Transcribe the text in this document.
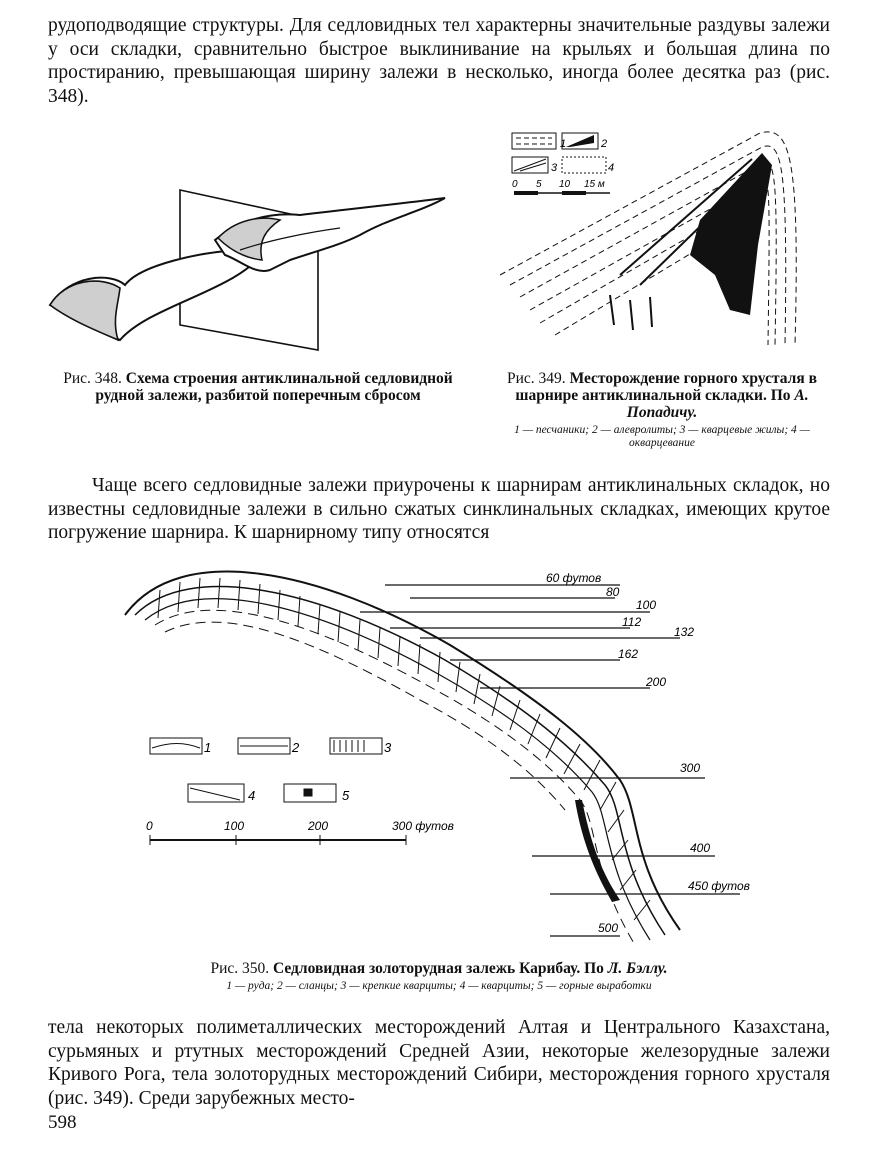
рудоподводящие структуры. Для седловидных тел характерны значительные раздувы залежи у оси складки, сравнительно быстрое выклинивание на крыльях и большая длина по простиранию, превышающая ширину залежи в несколько, иногда более десятка раз (рис. 348).

Рис. 348. Схема строения антиклинальной седловидной рудной залежи, разбитой поперечным сбросом

1	2
3	4
0 5 10 15 м

Рис. 349. Месторождение горного хрусталя в шарнире антиклинальной складки. По А. Попадичу.

1 — песчаники; 2 — алевролиты; 3 — кварцевые жилы; 4 — окварцевание

Чаще всего седловидные залежи приурочены к шарнирам антиклинальных складок, но известны седловидные залежи в сильно сжатых синклинальных складках, имеющих крутое погружение шарнира. К шарнирному типу относятся

60 футов
80
100
112
132
162
200
300
400
450 футов
500
1	2	3
4	5
0	100	200	300 футов

Рис. 350. Седловидная золоторудная залежь Карибау. По Л. Бэллу.

1 — руда; 2 — сланцы; 3 — крепкие кварциты; 4 — кварциты; 5 — горные выработки

тела некоторых полиметаллических месторождений Алтая и Центрального Казахстана, сурьмяных и ртутных месторождений Средней Азии, некоторые железорудные залежи Кривого Рога, тела золоторудных месторождений Сибири, месторождения горного хрусталя (рис. 349). Среди зарубежных место-

598
